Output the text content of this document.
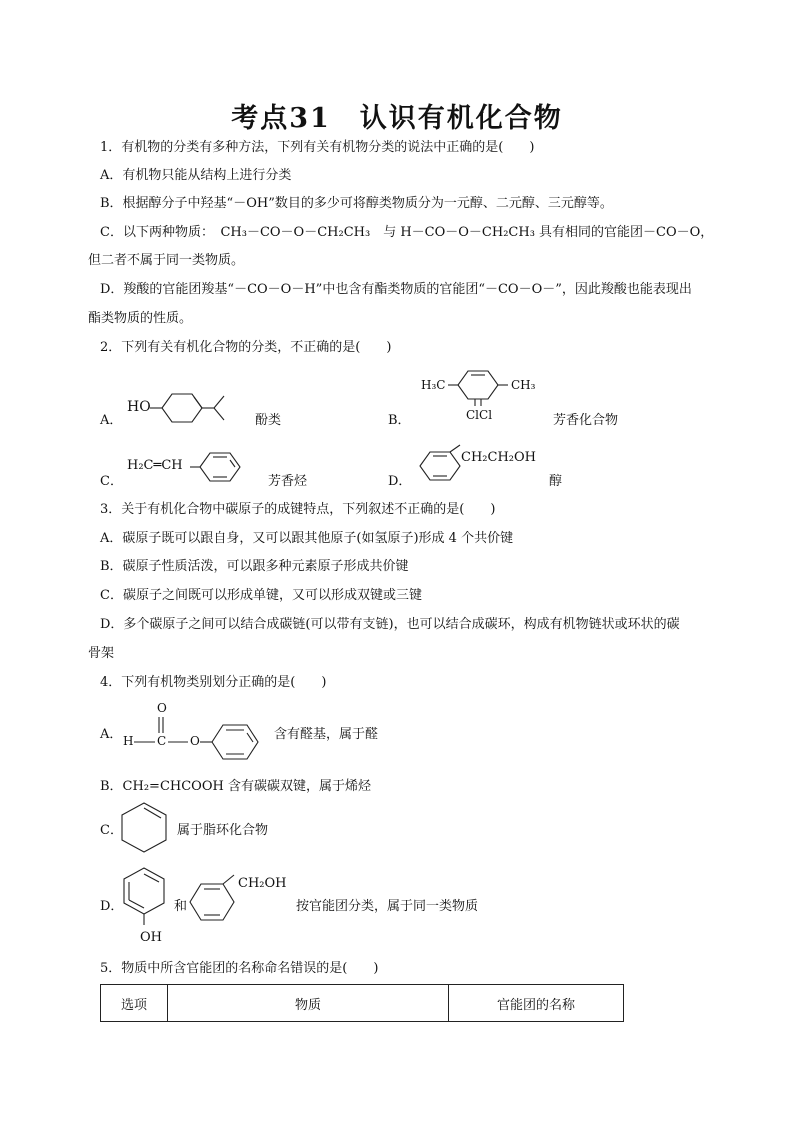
考点31　认识有机化合物
1．有机物的分类有多种方法，下列有关有机物分类的说法中正确的是(　　)
A．有机物只能从结构上进行分类
B．根据醇分子中羟基“－OH”数目的多少可将醇类物质分为一元醇、二元醇、三元醇等。
C．以下两种物质：　CH₃－CO－O－CH₂CH₃　与 H－CO－O－CH₂CH₃ 具有相同的官能团－CO－O，
但二者不属于同一类物质。
D．羧酸的官能团羧基“－CO－O－H”中也含有酯类物质的官能团“－CO－O－”，因此羧酸也能表现出
酯类物质的性质。
2．下列有关有机化合物的分类，不正确的是(　　)
A．
HO
酚类	B．
H₃C	CH₃
ClCl	芳香化合物
C．
H₂C═CH
芳香烃	D．
CH₂CH₂OH
醇
3．关于有机化合物中碳原子的成键特点，下列叙述不正确的是(　　)
A．碳原子既可以跟自身，又可以跟其他原子(如氢原子)形成 4 个共价键
B．碳原子性质活泼，可以跟多种元素原子形成共价键
C．碳原子之间既可以形成单键，又可以形成双键或三键
D．多个碳原子之间可以结合成碳链(可以带有支链)，也可以结合成碳环，构成有机物链状或环状的碳
骨架
4．下列有机物类别划分正确的是(　　)
A．
O
H C O	含有醛基，属于醛
B．CH₂=CHCOOH 含有碳碳双键，属于烯烃
C．	属于脂环化合物
D．
OH
和
CH₂OH
按官能团分类，属于同一类物质
5．物质中所含官能团的名称命名错误的是(　　)
选项	物质	官能团的名称
